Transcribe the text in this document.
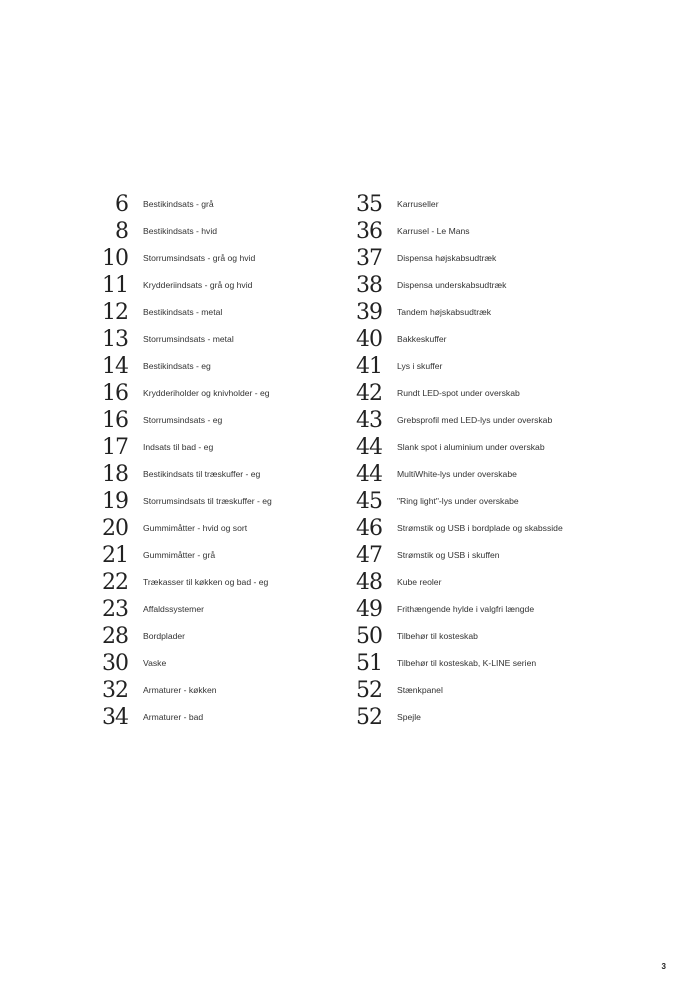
6 Bestikindsats - grå
8 Bestikindsats - hvid
10 Storrumsindsats - grå og hvid
11 Krydderiindsats - grå og hvid
12 Bestikindsats - metal
13 Storrumsindsats - metal
14 Bestikindsats - eg
16 Krydderiholder og knivholder - eg
16 Storrumsindsats - eg
17 Indsats til bad - eg
18 Bestikindsats til træskuffer - eg
19 Storrumsindsats til træskuffer - eg
20 Gummimåtter - hvid og sort
21 Gummimåtter - grå
22 Trækasser til køkken og bad - eg
23 Affaldssystemer
28 Bordplader
30 Vaske
32 Armaturer - køkken
34 Armaturer - bad
35 Karruseller
36 Karrusel - Le Mans
37 Dispensa højskabsudtræk
38 Dispensa underskabsudtræk
39 Tandem højskabsudtræk
40 Bakkeskuffer
41 Lys i skuffer
42 Rundt LED-spot under overskab
43 Grebsprofil med LED-lys under overskab
44 Slank spot i aluminium under overskab
44 MultiWhite-lys under overskabe
45 "Ring light"-lys under overskabe
46 Strømstik og USB i bordplade og skabsside
47 Strømstik og USB i skuffen
48 Kube reoler
49 Frithængende hylde i valgfri længde
50 Tilbehør til kosteskab
51 Tilbehør til kosteskab, K-LINE serien
52 Stænkpanel
52 Spejle
3
